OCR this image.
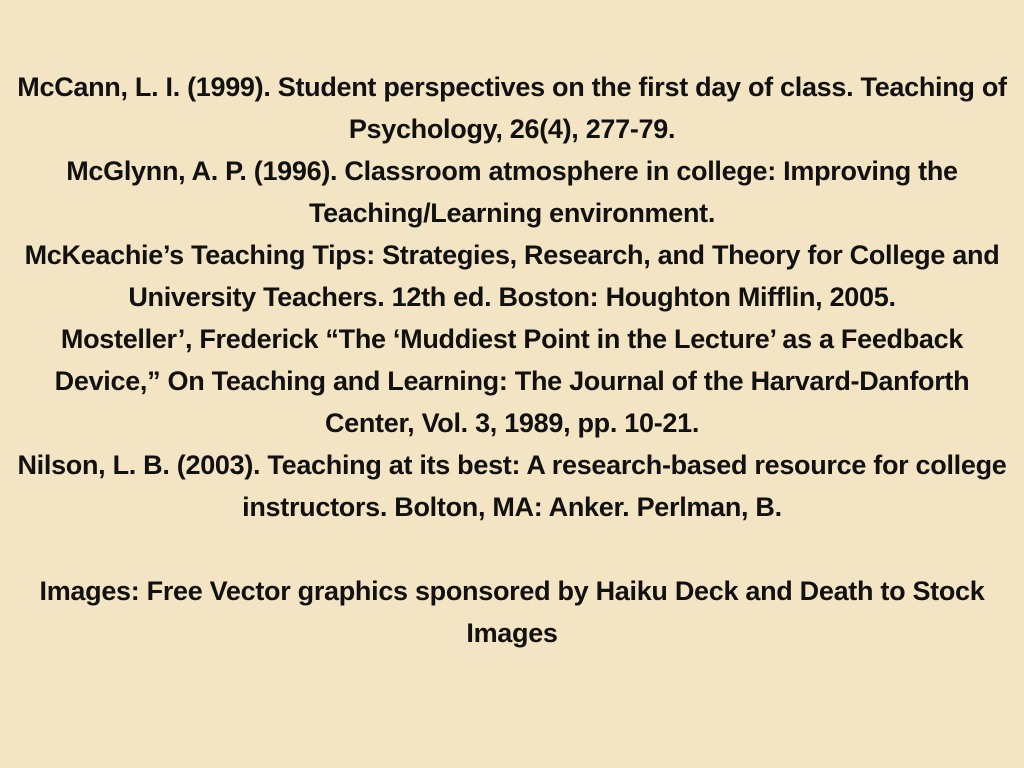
McCann, L. I. (1999). Student perspectives on the first day of class. Teaching of Psychology, 26(4), 277-79.

McGlynn, A. P. (1996). Classroom atmosphere in college: Improving the Teaching/Learning environment.

McKeachie’s Teaching Tips: Strategies, Research, and Theory for College and University Teachers. 12th ed. Boston: Houghton Mifflin, 2005.

Mosteller’, Frederick “The ‘Muddiest Point in the Lecture’ as a Feedback Device,” On Teaching and Learning: The Journal of the Harvard-Danforth Center, Vol. 3, 1989, pp. 10-21.

Nilson, L. B. (2003). Teaching at its best: A research-based resource for college instructors. Bolton, MA: Anker. Perlman, B.

Images: Free Vector graphics sponsored by Haiku Deck and Death to Stock Images
